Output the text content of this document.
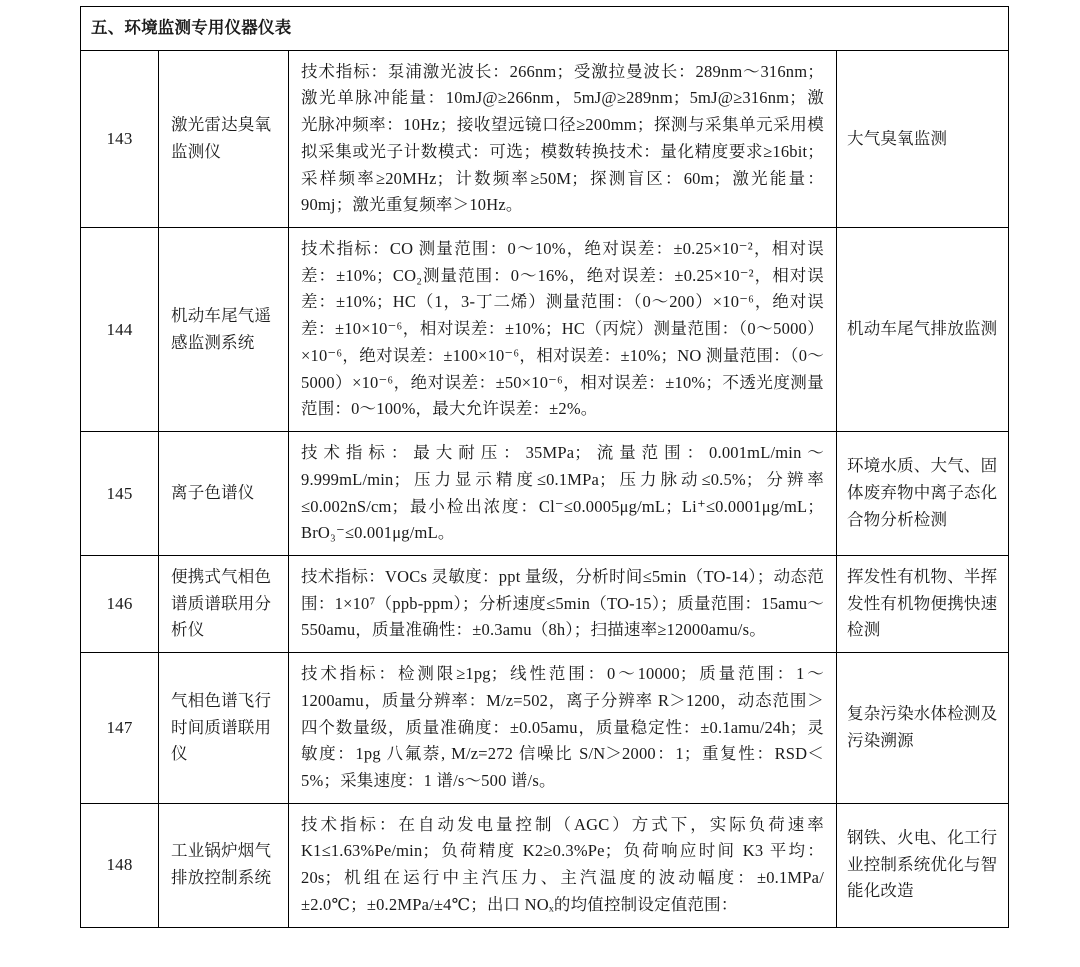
五、环境监测专用仪器仪表			
143	激光雷达臭氧监测仪	技术指标：泵浦激光波长：266nm；受激拉曼波长：289nm～316nm；激光单脉冲能量：10mJ@≥266nm，5mJ@≥289nm；5mJ@≥316nm；激光脉冲频率：10Hz；接收望远镜口径≥200mm；探测与采集单元采用模拟采集或光子计数模式：可选；模数转换技术：量化精度要求≥16bit；采样频率≥20MHz；计数频率≥50M；探测盲区：60m；激光能量：90mj；激光重复频率＞10Hz。	大气臭氧监测
144	机动车尾气遥感监测系统	技术指标：CO 测量范围：0～10%，绝对误差：±0.25×10⁻²，相对误差：±10%；CO₂测量范围：0～16%，绝对误差：±0.25×10⁻²，相对误差：±10%；HC（1，3-丁二烯）测量范围：（0～200）×10⁻⁶，绝对误差：±10×10⁻⁶，相对误差：±10%；HC（丙烷）测量范围：（0～5000）×10⁻⁶，绝对误差：±100×10⁻⁶，相对误差：±10%；NO 测量范围：（0～5000）×10⁻⁶，绝对误差：±50×10⁻⁶，相对误差：±10%；不透光度测量范围：0～100%，最大允许误差：±2%。	机动车尾气排放监测
145	离子色谱仪	技术指标：最大耐压：35MPa；流量范围：0.001mL/min～9.999mL/min；压力显示精度≤0.1MPa；压力脉动≤0.5%；分辨率≤0.002nS/cm；最小检出浓度：Cl⁻≤0.0005μg/mL；Li⁺≤0.0001μg/mL；BrO₃⁻≤0.001μg/mL。	环境水质、大气、固体废弃物中离子态化合物分析检测
146	便携式气相色谱质谱联用分析仪	技术指标：VOCs 灵敏度：ppt 量级，分析时间≤5min（TO-14）；动态范围：1×10⁷（ppb-ppm）；分析速度≤5min（TO-15）；质量范围：15amu～550amu，质量准确性：±0.3amu（8h）；扫描速率≥12000amu/s。	挥发性有机物、半挥发性有机物便携快速检测
147	气相色谱飞行时间质谱联用仪	技术指标：检测限≥1pg；线性范围：0～10000；质量范围：1～1200amu，质量分辨率：M/z=502，离子分辨率 R＞1200，动态范围＞四个数量级，质量准确度：±0.05amu，质量稳定性：±0.1amu/24h；灵敏度：1pg 八氟萘, M/z=272 信噪比 S/N＞2000：1；重复性：RSD＜5%；采集速度：1 谱/s～500 谱/s。	复杂污染水体检测及污染溯源
148	工业锅炉烟气排放控制系统	技术指标：在自动发电量控制（AGC）方式下，实际负荷速率 K1≤1.63%Pe/min；负荷精度 K2≥0.3%Pe；负荷响应时间 K3 平均：20s；机组在运行中主汽压力、主汽温度的波动幅度：±0.1MPa/±2.0℃；±0.2MPa/±4℃；出口 NOₓ的均值控制设定值范围：	钢铁、火电、化工行业控制系统优化与智能化改造
